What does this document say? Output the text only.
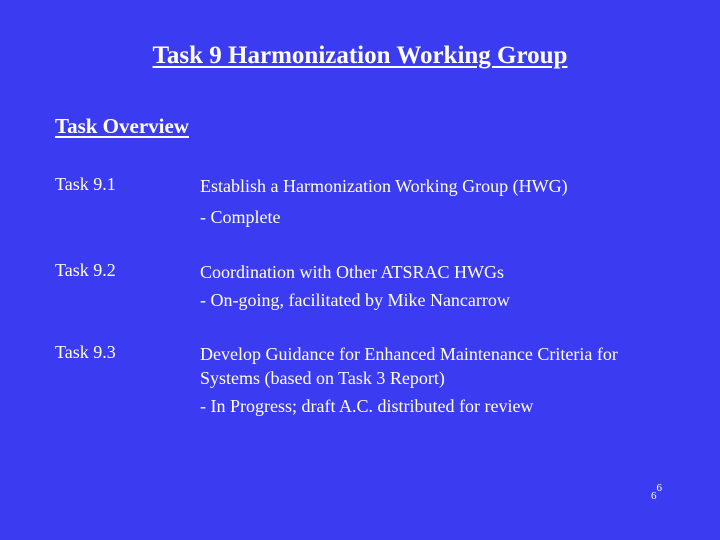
Task 9 Harmonization Working Group
Task Overview
Task 9.1	Establish a Harmonization Working Group (HWG)
- Complete
Task 9.2	Coordination with Other ATSRAC HWGs
- On-going, facilitated by Mike Nancarrow
Task 9.3	Develop Guidance for Enhanced Maintenance Criteria for Systems (based on Task 3 Report)
- In Progress; draft A.C. distributed for review
$6^6$
